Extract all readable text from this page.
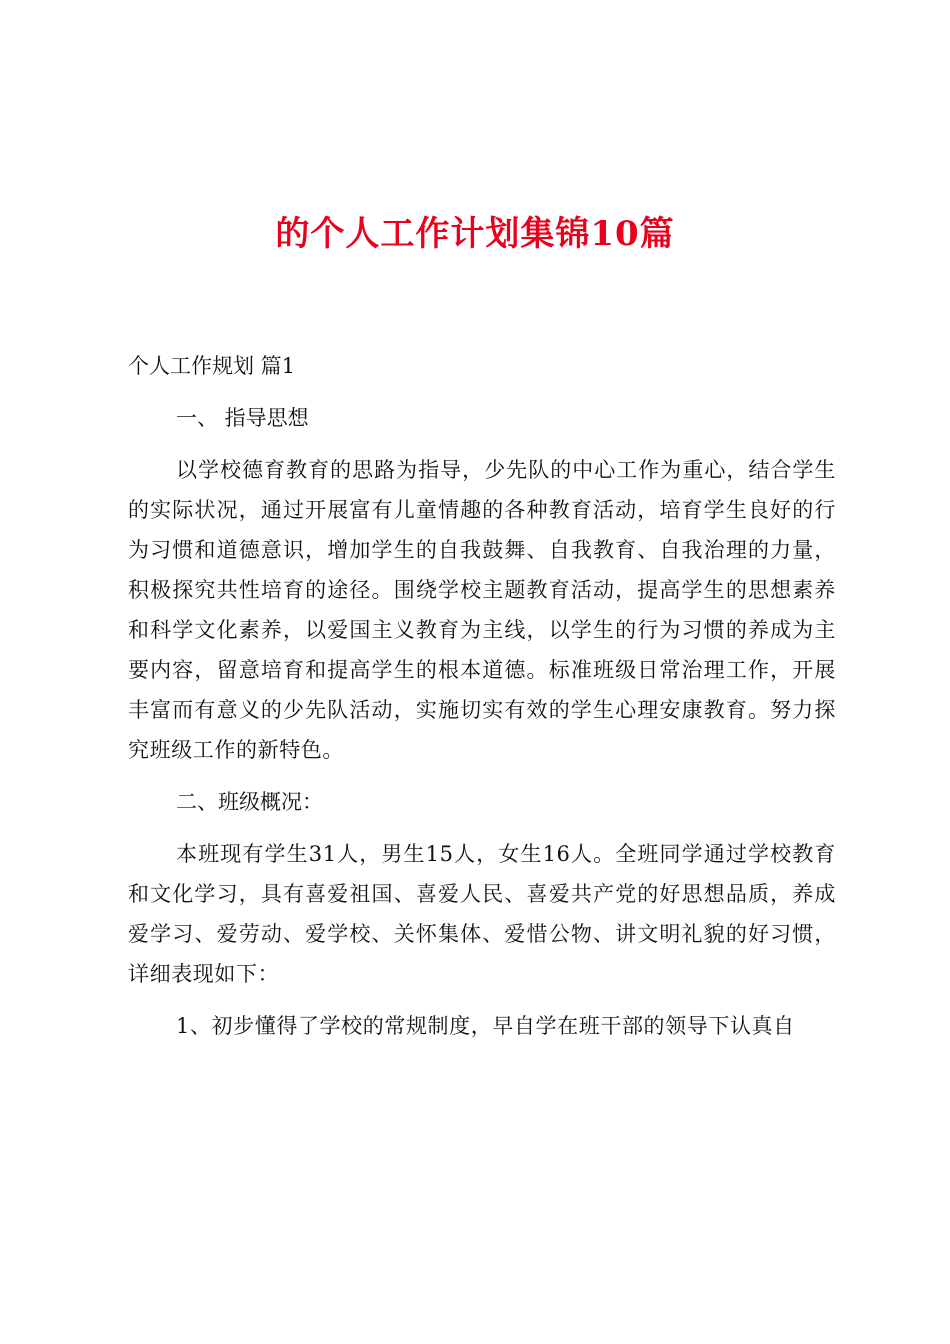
的个人工作计划集锦10篇

个人工作规划 篇1

一、 指导思想

以学校德育教育的思路为指导，少先队的中心工作为重心，结合学生的实际状况，通过开展富有儿童情趣的各种教育活动，培育学生良好的行为习惯和道德意识，增加学生的自我鼓舞、自我教育、自我治理的力量，积极探究共性培育的途径。围绕学校主题教育活动，提高学生的思想素养和科学文化素养，以爱国主义教育为主线，以学生的行为习惯的养成为主要内容，留意培育和提高学生的根本道德。标准班级日常治理工作，开展丰富而有意义的少先队活动，实施切实有效的学生心理安康教育。努力探究班级工作的新特色。

二、班级概况：

本班现有学生31人，男生15人，女生16人。全班同学通过学校教育和文化学习，具有喜爱祖国、喜爱人民、喜爱共产党的好思想品质，养成爱学习、爱劳动、爱学校、关怀集体、爱惜公物、讲文明礼貌的好习惯，详细表现如下：

1、初步懂得了学校的常规制度，早自学在班干部的领导下认真自
